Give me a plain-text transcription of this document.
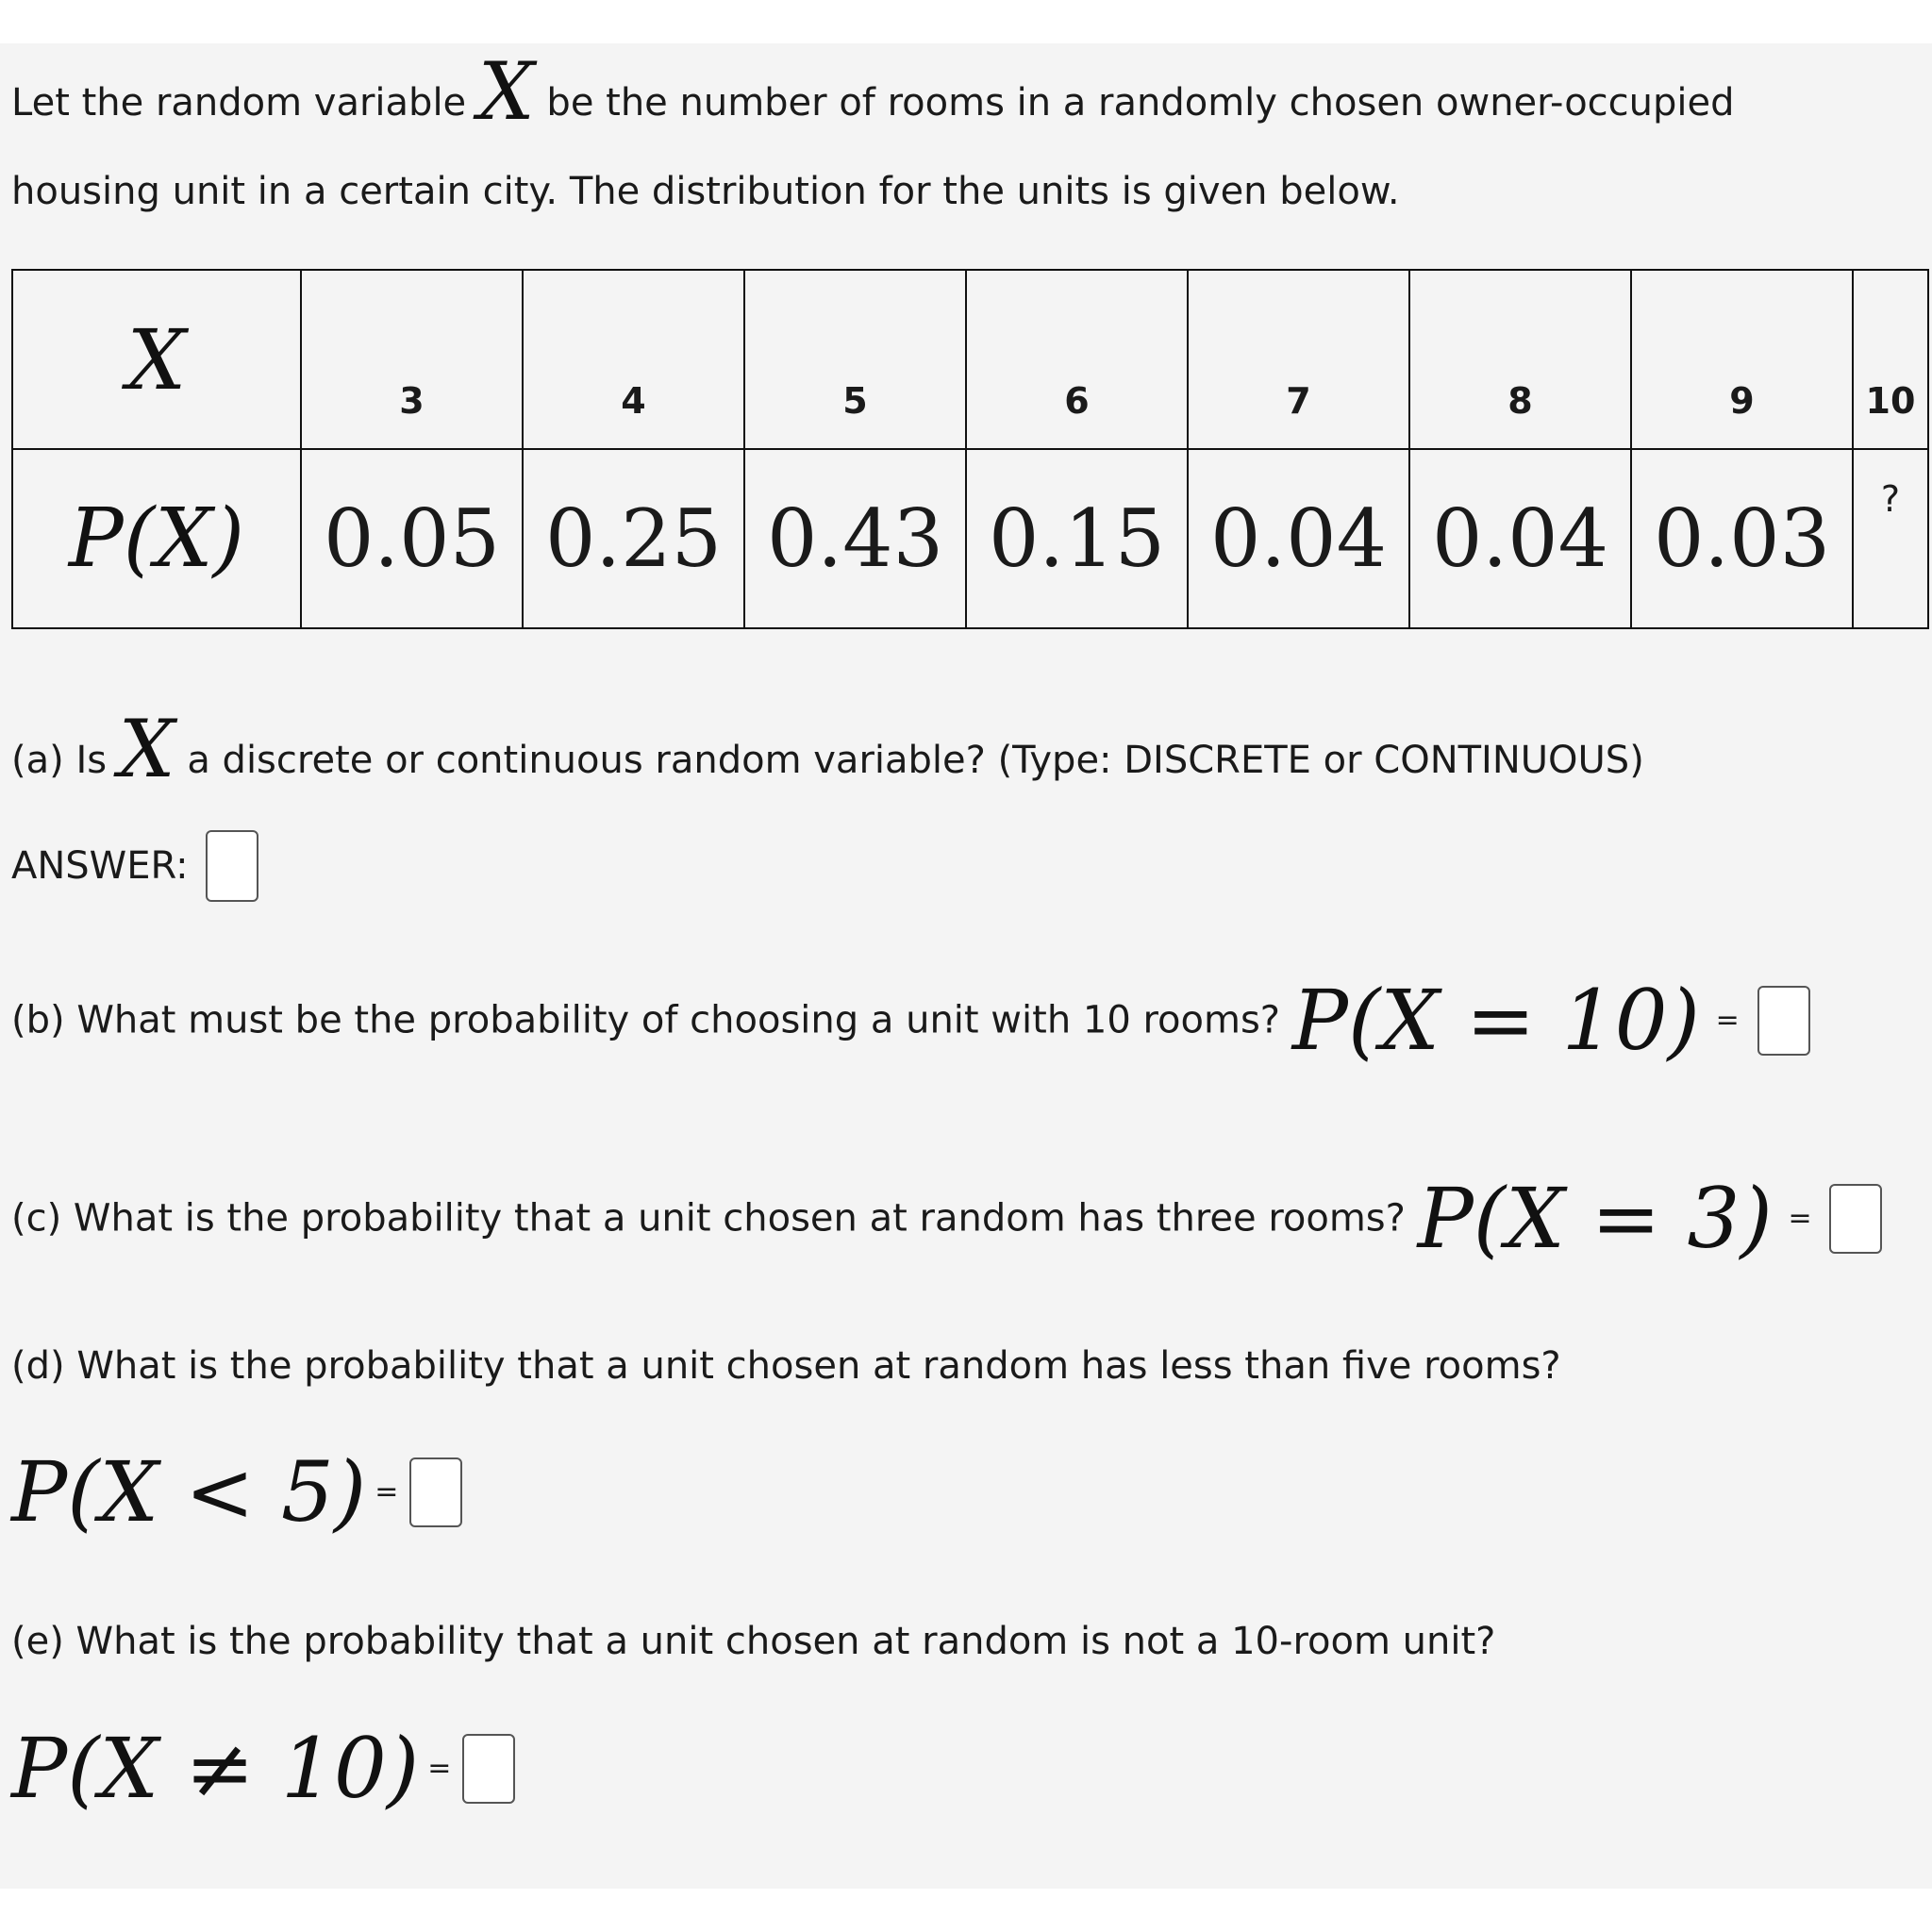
Let the random variable X be the number of rooms in a randomly chosen owner-occupied
housing unit in a certain city. The distribution for the units is given below.
X	3	4	5	6	7	8	9	10
P(X)	0.05	0.25	0.43	0.15	0.04	0.04	0.03	?
(a) Is X a discrete or continuous random variable? (Type: DISCRETE or CONTINUOUS)
ANSWER:
(b) What must be the probability of choosing a unit with 10 rooms? P(X = 10) =
(c) What is the probability that a unit chosen at random has three rooms? P(X = 3) =
(d) What is the probability that a unit chosen at random has less than five rooms?
P(X < 5) =
(e) What is the probability that a unit chosen at random is not a 10-room unit?
P(X ≠ 10) =
